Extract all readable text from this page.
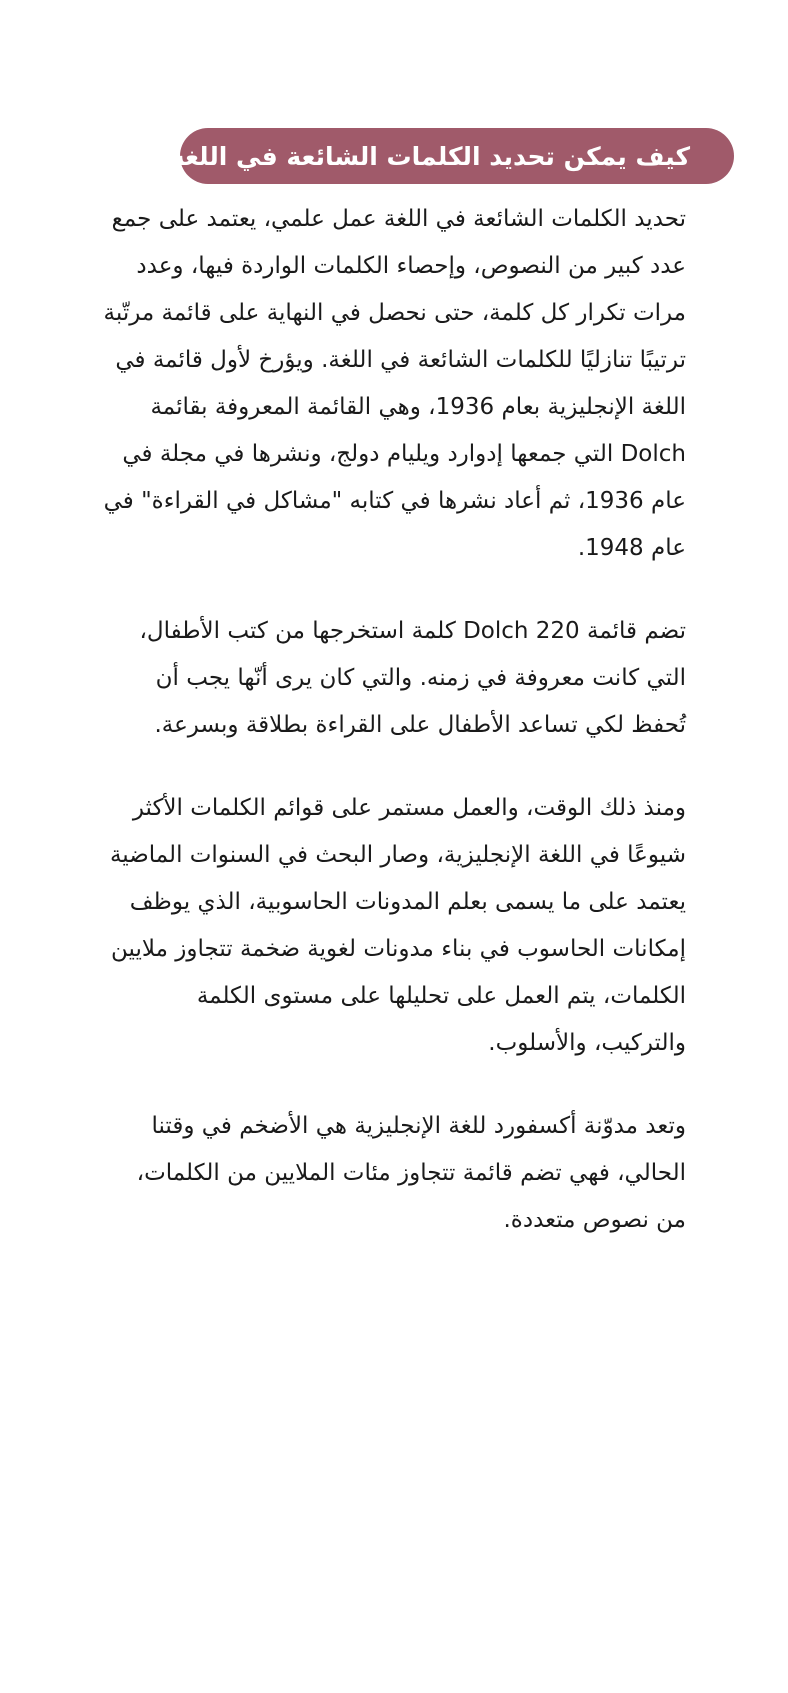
كيف يمكن تحديد الكلمات الشائعة في اللغة؟

تحديد الكلمات الشائعة في اللغة عمل علمي، يعتمد على جمع عدد كبير من النصوص، وإحصاء الكلمات الواردة فيها، وعدد مرات تكرار كل كلمة، حتى نحصل في النهاية على قائمة مرتّبة ترتيبًا تنازليًا للكلمات الشائعة في اللغة. ويؤرخ لأول قائمة في اللغة الإنجليزية بعام 1936، وهي القائمة المعروفة بقائمة Dolch التي جمعها إدوارد ويليام دولج، ونشرها في مجلة في عام 1936، ثم أعاد نشرها في كتابه "مشاكل في القراءة" في عام 1948.

تضم قائمة Dolch 220 كلمة استخرجها من كتب الأطفال، التي كانت معروفة في زمنه. والتي كان يرى أنّها يجب أن تُحفظ لكي تساعد الأطفال على القراءة بطلاقة وبسرعة.

ومنذ ذلك الوقت، والعمل مستمر على قوائم الكلمات الأكثر شيوعًا في اللغة الإنجليزية، وصار البحث في السنوات الماضية يعتمد على ما يسمى بعلم المدونات الحاسوبية، الذي يوظف إمكانات الحاسوب في بناء مدونات لغوية ضخمة تتجاوز ملايين الكلمات، يتم العمل على تحليلها على مستوى الكلمة والتركيب، والأسلوب.

وتعد مدوّنة أكسفورد للغة الإنجليزية هي الأضخم في وقتنا الحالي، فهي تضم قائمة تتجاوز مئات الملايين من الكلمات، من نصوص متعددة.
